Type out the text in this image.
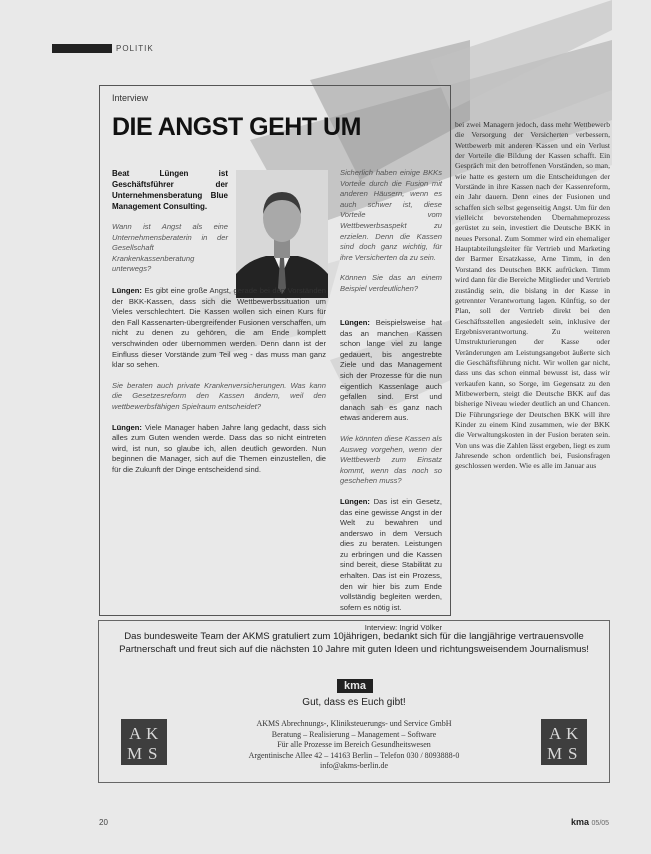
POLITIK
Interview
DIE ANGST GEHT UM

Beat Lüngen ist Geschäftsführer der Unternehmensberatung Blue Management Consulting.

Wann ist Angst als eine Unternehmensberaterin in der Gesellschaft Krankenkassenberatung unterwegs?

Lüngen: Es gibt eine große Angst, gerade bei den Vorständen der BKK-Kassen, dass sich die Wettbewerbssituation um Vieles verschlechtert. Die Kassen wollen sich einen Kurs für den Fall Kassenarten-übergreifender Fusionen verschaffen, um nicht zu denen zu gehören, die am Ende komplett verschwinden oder übernommen werden. Denn dann ist der Einfluss dieser Vorstände zum Teil weg - das muss man ganz klar so sehen.

Sie beraten auch private Krankenversicherungen. Was kann die Gesetzesreform den Kassen ändern, weil den wettbewerbsfähigen Spielraum entscheidet?

Lüngen: Viele Manager haben Jahre lang gedacht, dass sich alles zum Guten wenden werde. Dass das so nicht eintreten wird, ist nun, so glaube ich, allen deutlich geworden. Nun beginnen die Manager, sich auf die Themen einzustellen, die für die Zukunft der Dinge entscheidend sind.

Sicherlich haben einige BKKs Vorteile durch die Fusion mit anderen Häusern, wenn es auch schwer ist, diese Vorteile vom Wettbewerbsaspekt zu erzielen. Denn die Kassen sind doch ganz wichtig, für ihre Versicherten da zu sein.

Können Sie das an einem Beispiel verdeutlichen?

Lüngen: Beispielsweise hat das an manchen Kassen schon lange viel zu lange gedauert, bis angestrebte Ziele und das Management sich der Prozesse für die nun eigentlich Kassenlage auch gefallen sind. Erst und danach sah es ganz nach etwas anderem aus.

Wie könnten diese Kassen als Ausweg vorgehen, wenn der Wettbewerb zum Einsatz kommt, wenn das noch so geschehen muss?

Lüngen: Das ist ein Gesetz, das eine gewisse Angst in der Welt zu bewahren und anderswo in dem Versuch dies zu beraten. Leistungen zu erbringen und die Kassen sind bereit, diese Stabilität zu erhalten. Das ist ein Prozess, den wir hier bis zum Ende vollständig begleiten werden, sofern es nötig ist.

Interview: Ingrid Völker

bei zwei Managern jedoch, dass mehr Wettbewerb die Versorgung der Versicherten verbessern, Wettbewerb mit anderen Kassen und ein Verlust der Vorteile die Bildung der Kassen schafft. Ein Gespräch mit den betroffenen Vorständen, so man, wie hatte es gestern um die Entscheidungen der Vorstände in ihre Kassen nach der Kassenreform, ein Jahr dauern. Denn eines der Fusionen und schaffen sich selbst gegenseitig Angst. Um für den vielleicht bevorstehenden Übernahmeprozess gerüstet zu sein, investiert die Deutsche BKK in neues Personal. Zum Sommer wird ein ehemaliger Hauptabteilungsleiter für Vertrieb und Marketing der Barmer Ersatzkasse, Arne Timm, in den Vorstand des Deutschen BKK aufrücken. Timm wird dann für die Bereiche Mitglieder und Vertrieb zuständig sein, die bislang in der Kasse in getrennter Verantwortung lagen. Künftig, so der Plan, soll der Vertrieb direkt bei den Geschäftsstellen angesiedelt sein, inklusive der Ergebnisverantwortung. Zu weiteren Umstrukturierungen der Kasse oder Veränderungen am Leistungsangebot äußerte sich die Geschäftsführung nicht. Wir wollen gar nicht, dass uns das schon einmal bewusst ist, dass wir verkaufen kann, so Sorge, im Gegensatz zu den Mitbewerbern, steigt die Deutsche BKK auf das bisherige Niveau wieder deutlich an und Chancen. Die Führungsriege der Deutschen BKK will ihre Kinder zu einem Kind zusammen, wie der BKK die Verwaltungskosten in der Fusion beraten sein. Von uns was die Zahlen lässt ergeben, liegt es zum Jahresende schon ordentlich bei, Fusionsfragen geschlossen werden. Wie es alle im Januar aus
Das bundesweite Team der AKMS gratuliert zum 10jährigen, bedankt sich für die langjährige vertrauensvolle Partnerschaft und freut sich auf die nächsten 10 Jahre mit guten Ideen und richtungsweisendem Journalismus!
kma
Gut, dass es Euch gibt!
A K
M S
AKMS Abrechnungs-, Kliniksteuerungs- und Service GmbH
Beratung – Realisierung – Management – Software
Für alle Prozesse im Bereich Gesundheitswesen
Argentinische Allee 42 – 14163 Berlin – Telefon 030 / 8093888-0
info@akms-berlin.de
A K
M S
20	kma 05/05
